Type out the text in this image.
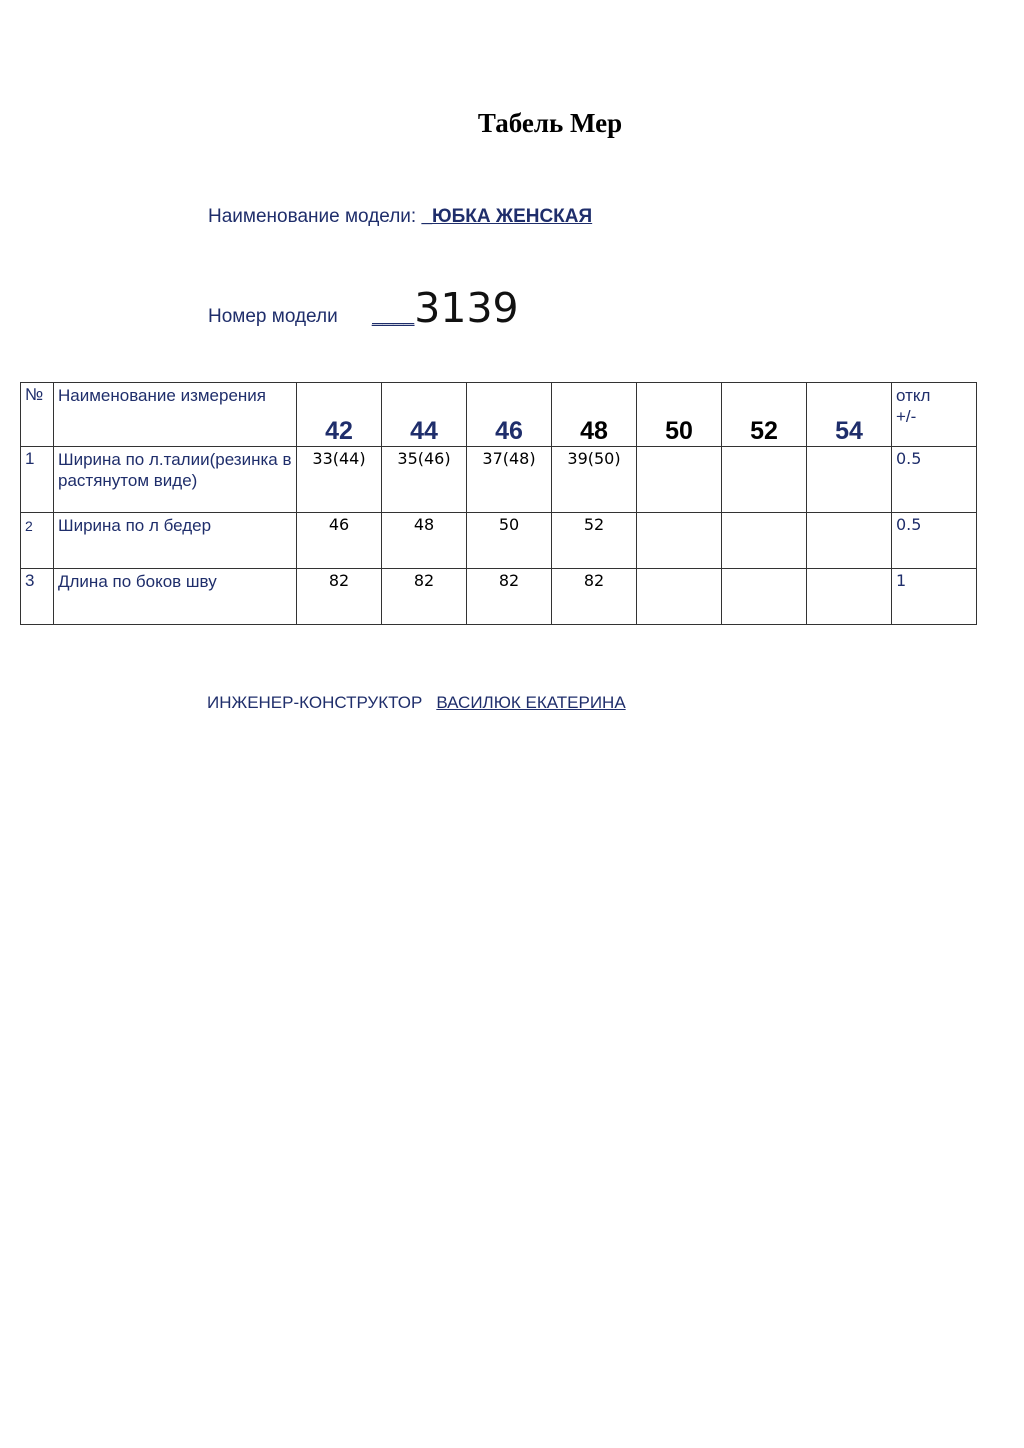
Табель Мер
Наименование модели: _ЮБКА ЖЕНСКАЯ
Номер модели ____3139
№	Наименование измерения	42	44	46	48	50	52	54	откл
+/-
1	Ширина по л.талии(резинка в растянутом виде)	33(44)	35(46)	37(48)	39(50)				0.5
2	Ширина по л бедер	46	48	50	52				0.5
3	Длина по боков шву	82	82	82	82				1
ИНЖЕНЕР-КОНСТРУКТОР ВАСИЛЮК ЕКАТЕРИНА
